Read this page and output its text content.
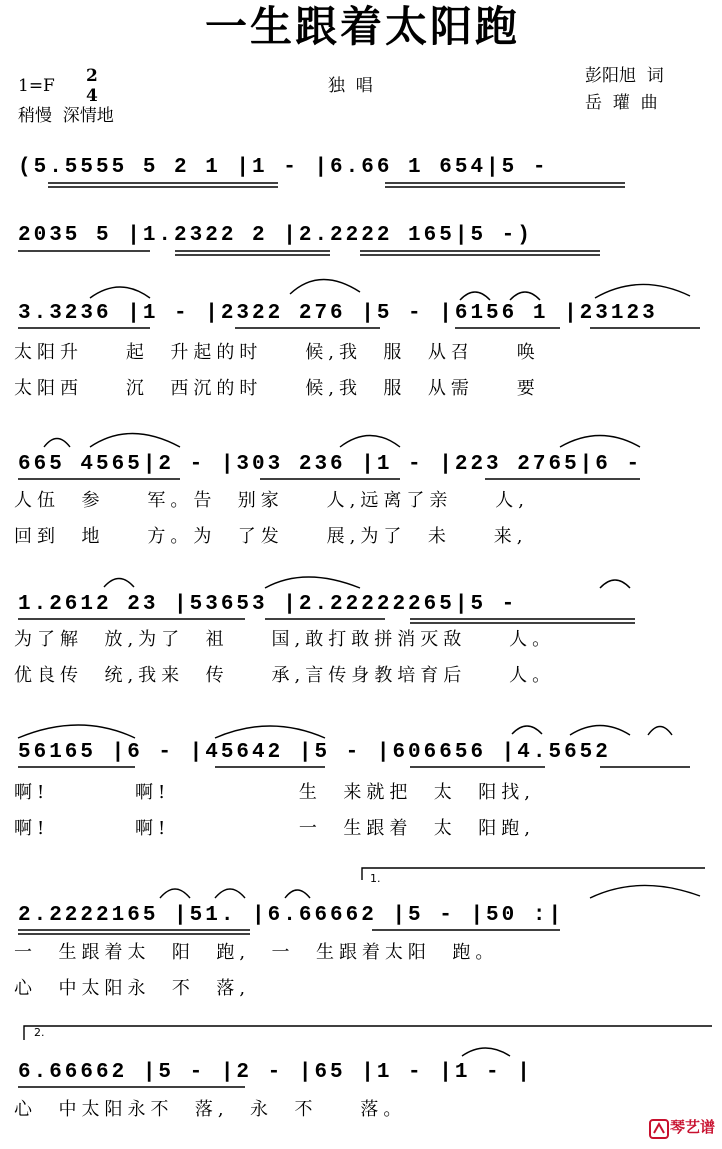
一生跟着太阳跑
1=F 2
4
稍慢  深情地
独  唱	彭阳旭  词
岳  瓘  曲
(5.5555 5 2 1 |1 - |6.66 1 654|5 -
2035 5 |1.2322 2 |2.2222 165|5 -)
3.3236 |1 - |2322 276 |5 - |6156 1 |23123
太阳升    起  升起的时    候,我  服  从召    唤
太阳西    沉  西沉的时    候,我  服  从需    要
665 4565|2 - |303 236 |1 - |223 2765|6 -
人伍  参    军。告  别家    人,远离了亲    人,
回到  地    方。为  了发    展,为了  未    来,
1.2612 23 |53653 |2.22222265|5 -
为了解  放,为了  祖    国,敢打敢拼消灭敌    人。
优良传  统,我来  传    承,言传身教培育后    人。
56165 |6 - |45642 |5 - |606656 |4.5652
啊!        啊!            生  来就把  太  阳找,
啊!        啊!            一  生跟着  太  阳跑,
2.2222165 |51. |6.66662 |5 - |50 :|
一  生跟着太  阳  跑,  一  生跟着太阳  跑。
心  中太阳永  不  落,
1.
2.
6.66662 |5 - |2 - |65 |1 - |1 - |
心  中太阳永不  落,  永  不    落。
琴艺谱
